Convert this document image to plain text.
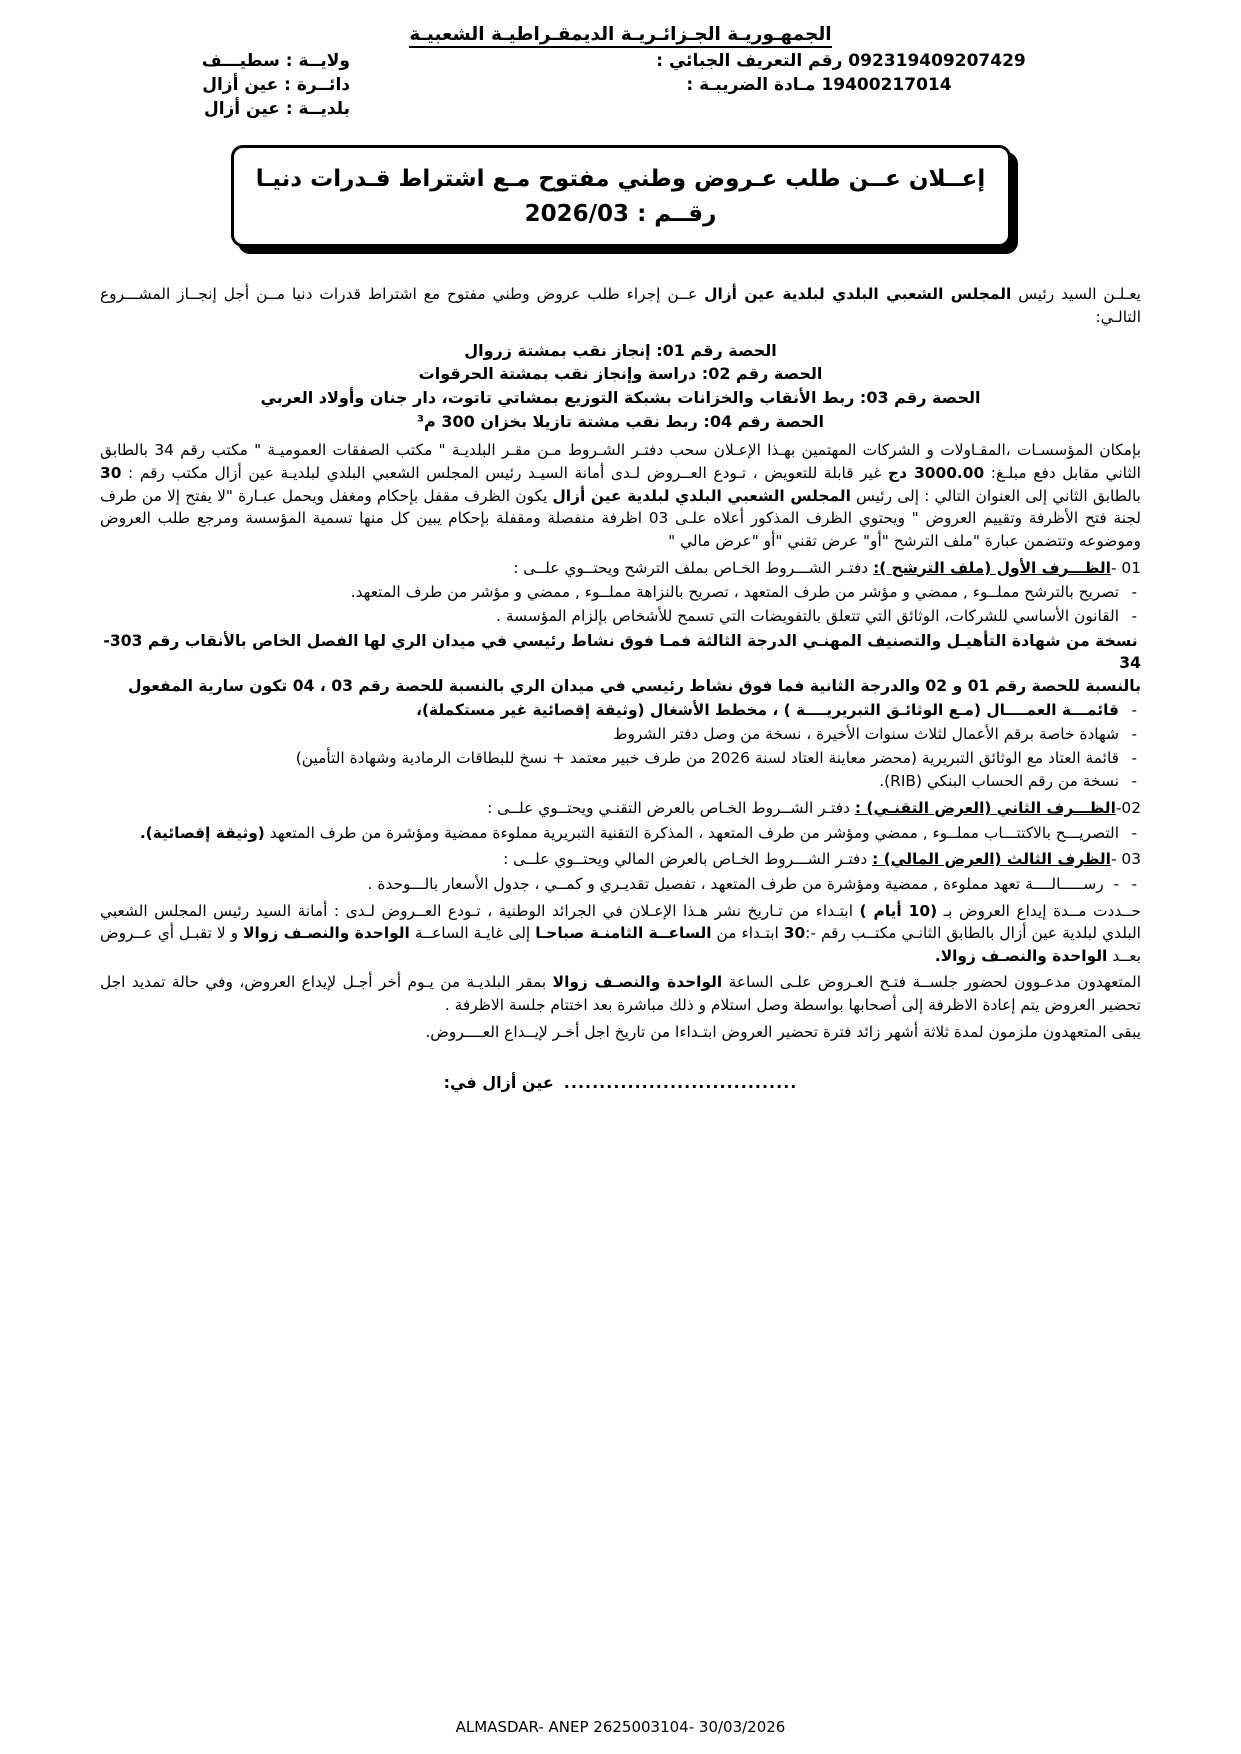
الجمهـوريـة الجـزائـريـة الديمقـراطيـة الشعبيـة
092319409207429 رقم التعريف الجبائي :
19400217014 مـادة الضريبـة :
ولايــة : سطيـــف
دائــرة : عين أزال
بلديــة : عين أزال
إعــلان عــن طلب عـروض وطني مفتوح مـع اشتراط قـدرات دنيـا
رقــم : 2026/03
يعـلـن السيد رئيس المجلس الشعبي البلدي لبلدية عين أزال عــن إجراء طلب عروض وطني مفتوح مع اشتراط قدرات دنيا مــن أجل إنجــاز المشـــروع التالـي:
الحصة رقم 01: إنجاز نقب بمشتة زروال
الحصة رقم 02: دراسة وإنجاز نقب بمشتة الحرقوات
الحصة رقم 03: ربط الأنقاب والخزانات بشبكة التوزيع بمشاتي تاتوت، دار جنان وأولاد العربي
الحصة رقم 04: ربط نقب مشتة تازيلا بخزان 300 م³
بإمكان المؤسسـات ،المقـاولات و الشركات المهتمين بهـذا الإعـلان سحب دفتـر الشـروط مـن مقـر البلديـة " مكتب الصفقات العموميـة " مكتب رقم 34 بالطابق الثاني مقابل دفع مبلـغ: 3000.00 دج غير قابلة للتعويض ، تـودع العــروض لـدى أمانة السيـد رئيس المجلس الشعبي البلدي لبلديـة عين أزال مكتب رقم : 30 بالطابق الثاني إلى العنوان التالي : إلى رئيس المجلس الشعبي البلدي لبلدية عين أزال يكون الظرف مقفل بإحكام ومغفل ويحمل عبـارة "لا يفتح إلا من طرف لجنة فتح الأظرفة وتقييم العروض " ويحتوي الظرف المذكور أعلاه علـى 03 اظرفة منفصلة ومقفلة بإحكام يبين كل منها تسمية المؤسسة ومرجع طلب العروض وموضوعه وتتضمن عبارة "ملف الترشح "أو" عرض تقني "أو "عرض مالي "
01 -الظـــرف الأول (ملف الترشح ): دفتـر الشـــروط الخـاص بملف الترشح ويحتــوي علــى :
- تصريح بالترشح مملــوء , ممضي و مؤشر من طرف المتعهد ، تصريح بالنزاهة مملــوء , ممضي و مؤشر من طرف المتعهد.
- القانون الأساسي للشركات، الوثائق التي تتعلق بالتفويضات التي تسمح للأشخاص بإلزام المؤسسة .
نسخة من شهادة التأهيـل والتصنيف المهنـي الدرجة الثالثة فمـا فوق نشاط رئيسي في ميدان الري لها الفصل الخاص بالأنقاب رقم 303-34
بالنسبة للحصة رقم 01 و 02 والدرجة الثانية فما فوق نشاط رئيسي في ميدان الري بالنسبة للحصة رقم 03 ، 04 تكون سارية المفعول
- قائمـــة العمــــال (مـع الوثائـق التبريريــــة ) ، مخطط الأشغال (وثيقة إقصائية غير مستكملة)،
- شهادة خاصة برقم الأعمال لثلاث سنوات الأخيرة ، نسخة من وصل دفتر الشروط
- قائمة العتاد مع الوثائق التبريرية (محضر معاينة العتاد لسنة 2026 من طرف خبير معتمد + نسخ للبطاقات الرمادية وشهادة التأمين)
- نسخة من رقم الحساب البنكي (RIB).
02-الظـــرف الثاني (العرض التقنـي) : دفتـر الشــروط الخـاص بالعرض التقنـي ويحتــوي علــى :
- التصريـــح بالاكتتـــاب مملــوء , ممضي ومؤشر من طرف المتعهد ، المذكرة التقنية التبريرية مملوءة ممضية ومؤشرة من طرف المتعهد (وثيقة إقصائية).
03 -الظرف الثالث (العرض المالي) : دفتـر الشـــروط الخـاص بالعرض المالي ويحتــوي علــى :
- -  رســـــالــــة تعهد مملوءة , ممضية ومؤشرة من طرف المتعهد ، تفصيل تقديـري و كمــي ، جدول الأسعار بالـــوحدة .
حــددت مــدة إيداع العروض بـ (10 أيام ) ابتـداء من تـاريخ نشر هـذا الإعـلان في الجرائد الوطنية ، تـودع العــروض لـدى : أمانة السيد رئيس المجلس الشعبي البلدي لبلدية عين أزال بالطابق الثانـي مكتــب رقم -:30 ابتـداء من الساعــة الثامنـة صباحـا إلى غايـة الساعــة الواحدة والنصـف زوالا و لا تقبـل أي عــروض بعــد الواحدة والنصـف زوالا.
المتعهدون مدعـوون لحضور جلســة فتـح العـروض علـى الساعة الواحدة والنصـف زوالا بمقر البلديـة من يـوم أخر أجـل لإيداع العروض، وفي حالة تمديد اجل تحضير العروض يتم إعادة الاظرفة إلى أصحابها بواسطة وصل استلام و ذلك مباشرة بعد اختتام جلسة الاظرفة .
يبقى المتعهدون ملزمون لمدة ثلاثة أشهر زائد فترة تحضير العروض ابتـداءا من تاريخ اجل أخـر لإيــداع العــــروض.
.................................
عين أزال في:
ALMASDAR- ANEP 2625003104- 30/03/2026
